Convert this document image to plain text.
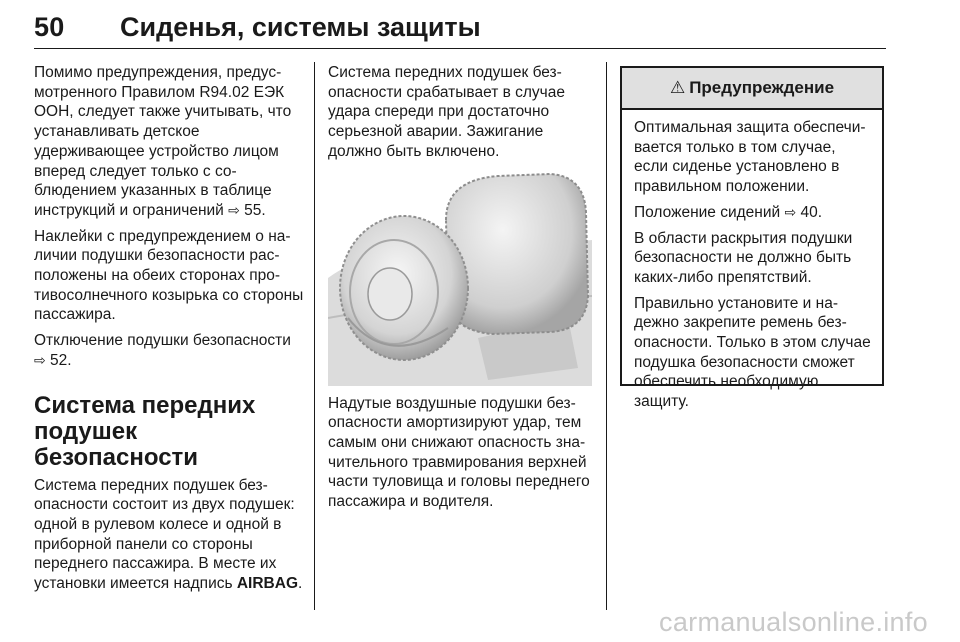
50 Сиденья, системы защиты

Помимо предупреждения, предусмотренного Правилом R94.02 ЕЭК ООН, следует также учитывать, что устанавливать детское удерживающее устройство лицом вперед следует только с соблюдением указанных в таблице инструкций и ограничений ⇨ 55.

Наклейки с предупреждением о наличии подушки безопасности расположены на обеих сторонах противосолнечного козырька со стороны пассажира.

Отключение подушки безопасности ⇨ 52.

Система передних подушек безопасности

Система передних подушек безопасности состоит из двух подушек: одной в рулевом колесе и одной в приборной панели со стороны переднего пассажира. В месте их установки имеется надпись AIRBAG.

Система передних подушек безопасности срабатывает в случае удара спереди при достаточно серьезной аварии. Зажигание должно быть включено.

Надутые воздушные подушки безопасности амортизируют удар, тем самым они снижают опасность значительного травмирования верхней части туловища и головы переднего пассажира и водителя.

⚠ Предупреждение

Оптимальная защита обеспечивается только в том случае, если сиденье установлено в правильном положении.

Положение сидений ⇨ 40.

В области раскрытия подушки безопасности не должно быть каких-либо препятствий.

Правильно установите и надежно закрепите ремень безопасности. Только в этом случае подушка безопасности сможет обеспечить необходимую защиту.

carmanualsonline.info
